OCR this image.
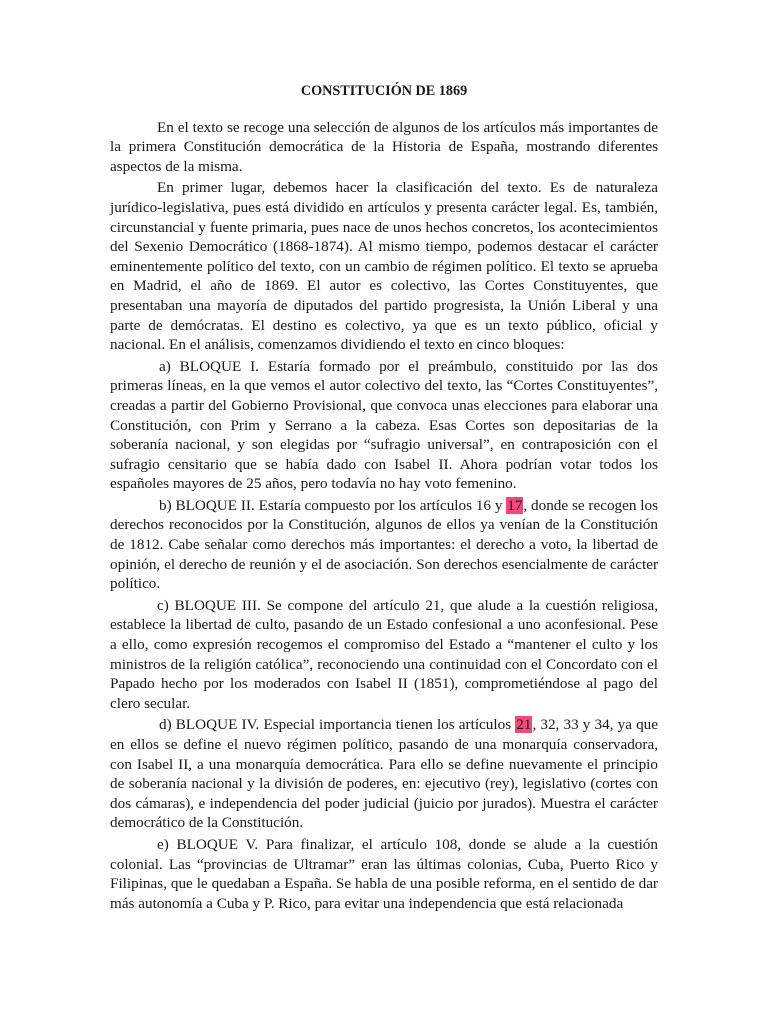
CONSTITUCIÓN DE 1869

En el texto se recoge una selección de algunos de los artículos más importantes de la primera Constitución democrática de la Historia de España, mostrando diferentes aspectos de la misma.

En primer lugar, debemos hacer la clasificación del texto. Es de naturaleza jurídico-legislativa, pues está dividido en artículos y presenta carácter legal. Es, también, circunstancial y fuente primaria, pues nace de unos hechos concretos, los acontecimientos del Sexenio Democrático (1868-1874). Al mismo tiempo, podemos destacar el carácter eminentemente político del texto, con un cambio de régimen político. El texto se aprueba en Madrid, el año de 1869. El autor es colectivo, las Cortes Constituyentes, que presentaban una mayoría de diputados del partido progresista, la Unión Liberal y una parte de demócratas. El destino es colectivo, ya que es un texto público, oficial y nacional. En el análisis, comenzamos dividiendo el texto en cinco bloques:

a) BLOQUE I. Estaría formado por el preámbulo, constituido por las dos primeras líneas, en la que vemos el autor colectivo del texto, las “Cortes Constituyentes”, creadas a partir del Gobierno Provisional, que convoca unas elecciones para elaborar una Constitución, con Prim y Serrano a la cabeza. Esas Cortes son depositarias de la soberanía nacional, y son elegidas por “sufragio universal”, en contraposición con el sufragio censitario que se había dado con Isabel II. Ahora podrían votar todos los españoles mayores de 25 años, pero todavía no hay voto femenino.

b) BLOQUE II. Estaría compuesto por los artículos 16 y 17, donde se recogen los derechos reconocidos por la Constitución, algunos de ellos ya venían de la Constitución de 1812. Cabe señalar como derechos más importantes: el derecho a voto, la libertad de opinión, el derecho de reunión y el de asociación. Son derechos esencialmente de carácter político.

c) BLOQUE III. Se compone del artículo 21, que alude a la cuestión religiosa, establece la libertad de culto, pasando de un Estado confesional a uno aconfesional. Pese a ello, como expresión recogemos el compromiso del Estado a “mantener el culto y los ministros de la religión católica”, reconociendo una continuidad con el Concordato con el Papado hecho por los moderados con Isabel II (1851), comprometiéndose al pago del clero secular.

d) BLOQUE IV. Especial importancia tienen los artículos 21, 32, 33 y 34, ya que en ellos se define el nuevo régimen político, pasando de una monarquía conservadora, con Isabel II, a una monarquía democrática. Para ello se define nuevamente el principio de soberanía nacional y la división de poderes, en: ejecutivo (rey), legislativo (cortes con dos cámaras), e independencia del poder judicial (juicio por jurados). Muestra el carácter democrático de la Constitución.

e) BLOQUE V. Para finalizar, el artículo 108, donde se alude a la cuestión colonial. Las “provincias de Ultramar” eran las últimas colonias, Cuba, Puerto Rico y Filipinas, que le quedaban a España. Se habla de una posible reforma, en el sentido de dar más autonomía a Cuba y P. Rico, para evitar una independencia que está relacionada
